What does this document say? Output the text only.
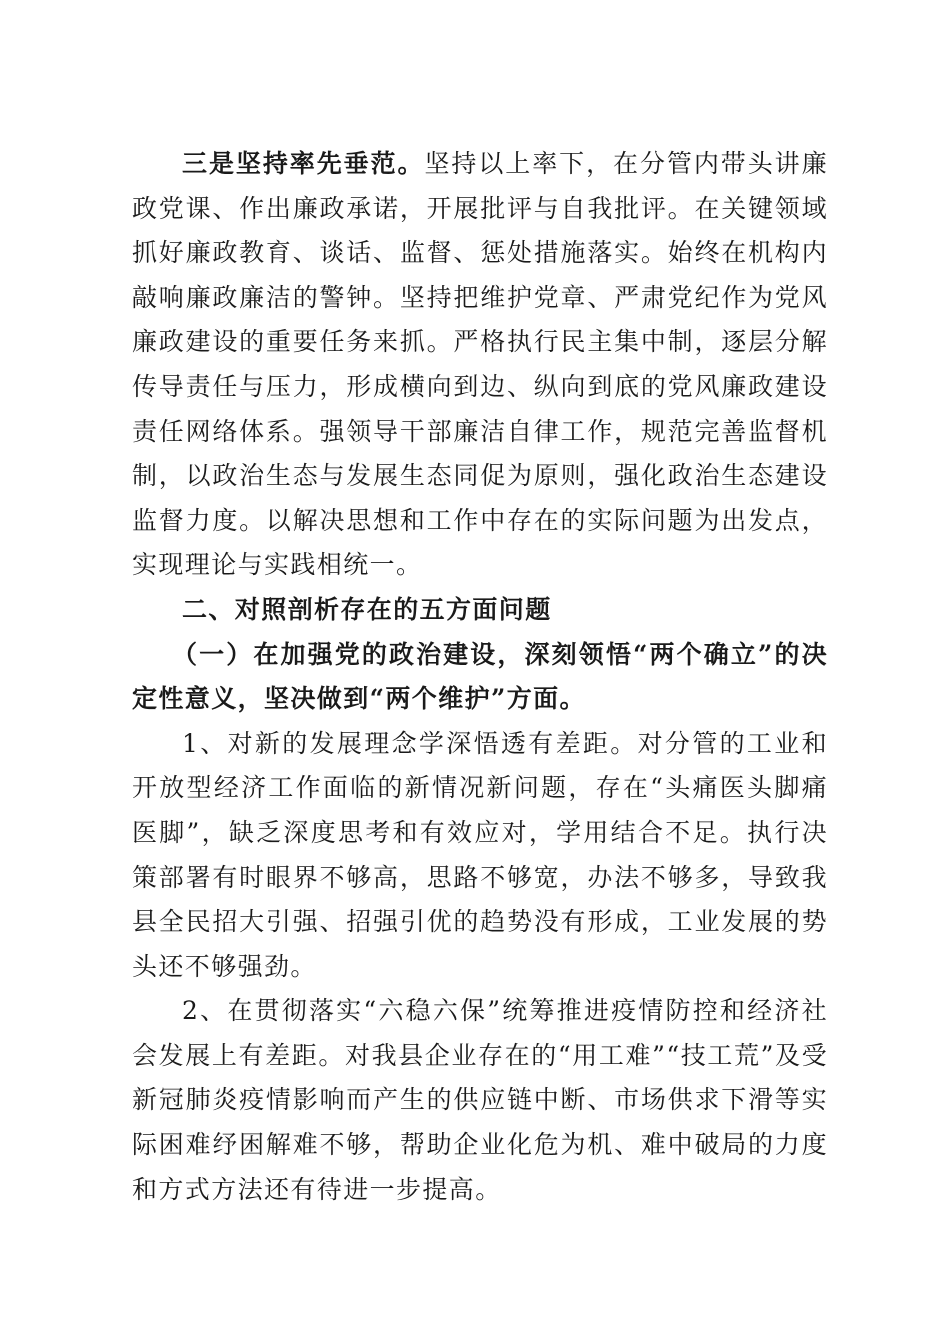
三是坚持率先垂范。坚持以上率下，在分管内带头讲廉政党课、作出廉政承诺，开展批评与自我批评。在关键领域抓好廉政教育、谈话、监督、惩处措施落实。始终在机构内敲响廉政廉洁的警钟。坚持把维护党章、严肃党纪作为党风廉政建设的重要任务来抓。严格执行民主集中制，逐层分解传导责任与压力，形成横向到边、纵向到底的党风廉政建设责任网络体系。强领导干部廉洁自律工作，规范完善监督机制，以政治生态与发展生态同促为原则，强化政治生态建设监督力度。以解决思想和工作中存在的实际问题为出发点，实现理论与实践相统一。

二、对照剖析存在的五方面问题

（一）在加强党的政治建设，深刻领悟“两个确立”的决定性意义，坚决做到“两个维护”方面。

1、对新的发展理念学深悟透有差距。对分管的工业和开放型经济工作面临的新情况新问题，存在“头痛医头脚痛医脚”，缺乏深度思考和有效应对，学用结合不足。执行决策部署有时眼界不够高，思路不够宽，办法不够多，导致我县全民招大引强、招强引优的趋势没有形成，工业发展的势头还不够强劲。

2、在贯彻落实“六稳六保”统筹推进疫情防控和经济社会发展上有差距。对我县企业存在的“用工难”“技工荒”及受新冠肺炎疫情影响而产生的供应链中断、市场供求下滑等实际困难纾困解难不够，帮助企业化危为机、难中破局的力度和方式方法还有待进一步提高。
